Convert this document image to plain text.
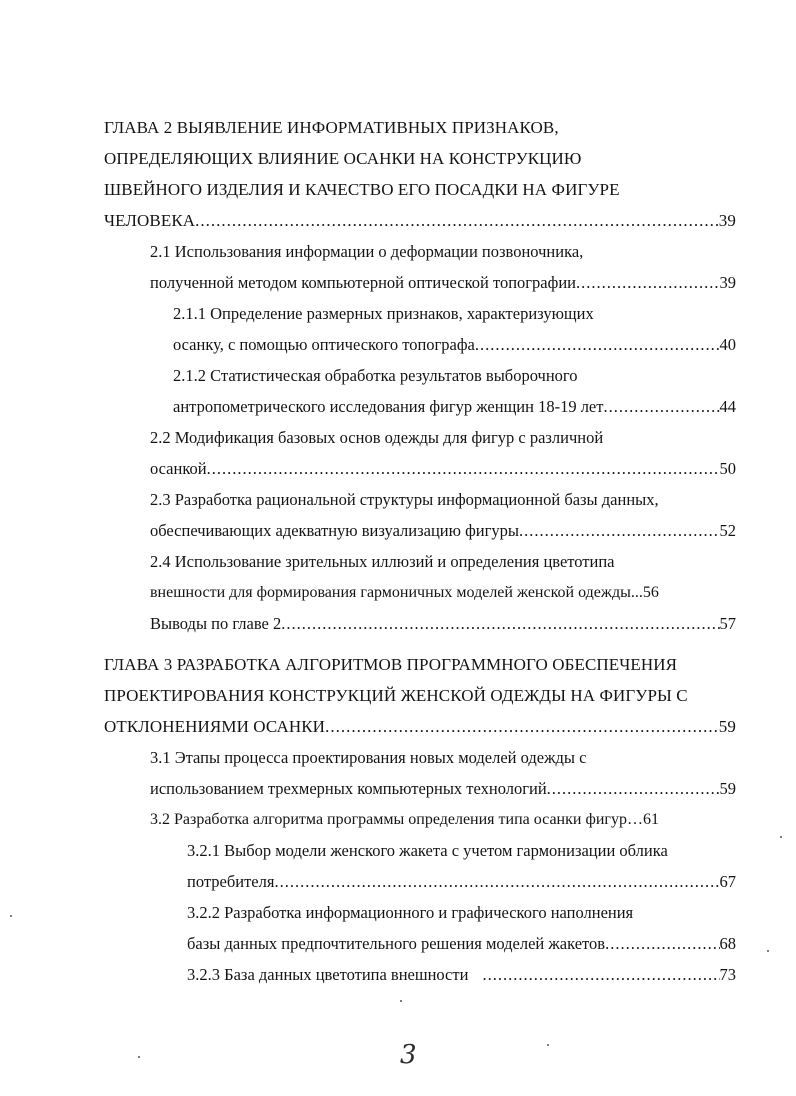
ГЛАВА 2 ВЫЯВЛЕНИЕ ИНФОРМАТИВНЫХ ПРИЗНАКОВ,
ОПРЕДЕЛЯЮЩИХ ВЛИЯНИЕ ОСАНКИ НА КОНСТРУКЦИЮ
ШВЕЙНОГО ИЗДЕЛИЯ И КАЧЕСТВО ЕГО ПОСАДКИ НА ФИГУРЕ
ЧЕЛОВЕКА .....	39
2.1 Использования информации о деформации позвоночника,
полученной методом компьютерной оптической топографии .....	39
2.1.1 Определение размерных признаков, характеризующих
осанку, с помощью оптического топографа .....	40
2.1.2 Статистическая обработка результатов выборочного
антропометрического исследования фигур женщин 18-19 лет .....	44
2.2 Модификация базовых основ одежды для фигур с различной
осанкой .....	50
2.3 Разработка рациональной структуры информационной базы данных,
обеспечивающих адекватную визуализацию фигуры .....	52
2.4 Использование зрительных иллюзий и определения цветотипа
внешности для формирования гармоничных моделей женской одежды...56
Выводы по главе 2 .....	57
ГЛАВА 3 РАЗРАБОТКА АЛГОРИТМОВ ПРОГРАММНОГО ОБЕСПЕЧЕНИЯ
ПРОЕКТИРОВАНИЯ КОНСТРУКЦИЙ ЖЕНСКОЙ ОДЕЖДЫ НА ФИГУРЫ С
ОТКЛОНЕНИЯМИ ОСАНКИ .....	59
3.1 Этапы процесса проектирования новых моделей одежды с
использованием трехмерных компьютерных технологий .....	59
3.2 Разработка алгоритма программы определения типа осанки фигур…61
3.2.1 Выбор модели женского жакета с учетом гармонизации облика
потребителя .....	67
3.2.2 Разработка информационного и графического наполнения
базы данных предпочтительного решения моделей жакетов .....	68
3.2.3 База данных цветотипа внешности .....	73
3
